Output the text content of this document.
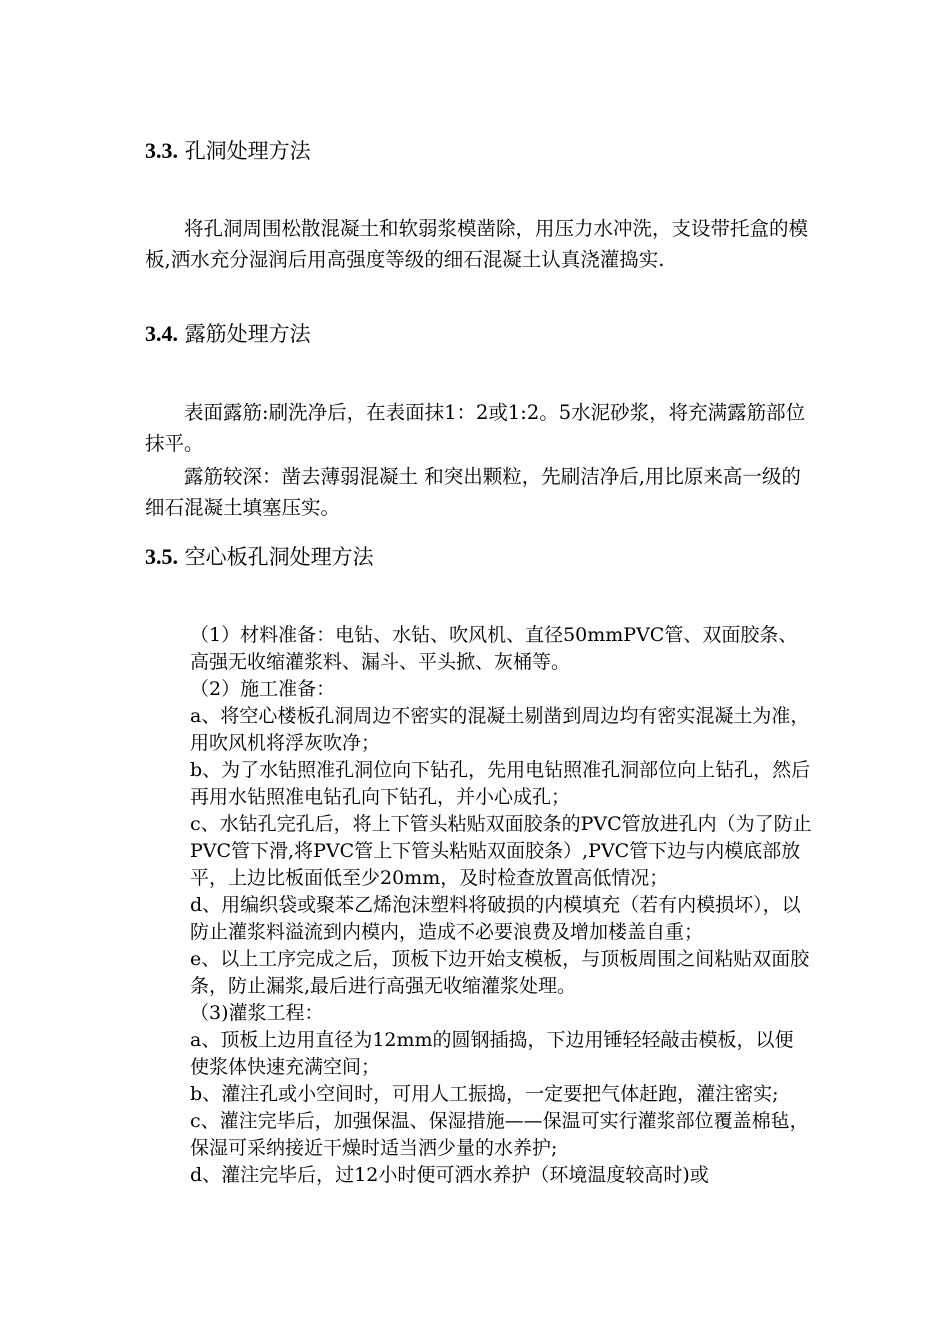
3.3. 孔洞处理方法

将孔洞周围松散混凝土和软弱浆模凿除，用压力水冲洗，支设带托盒的模板,洒水充分湿润后用高强度等级的细石混凝土认真浇灌捣实.

3.4. 露筋处理方法

表面露筋:刷洗净后，在表面抹1：2或1:2。5水泥砂浆，将充满露筋部位抹平。

露筋较深：凿去薄弱混凝土 和突出颗粒，先刷洁净后,用比原来高一级的细石混凝土填塞压实。

3.5. 空心板孔洞处理方法

（1）材料准备：电钻、水钻、吹风机、直径50mmPVC管、双面胶条、高强无收缩灌浆料、漏斗、平头掀、灰桶等。

（2）施工准备：

a、将空心楼板孔洞周边不密实的混凝土剔凿到周边均有密实混凝土为准，用吹风机将浮灰吹净；

b、为了水钻照准孔洞位向下钻孔，先用电钻照准孔洞部位向上钻孔，然后再用水钻照准电钻孔向下钻孔，并小心成孔；

c、水钻孔完孔后，将上下管头粘贴双面胶条的PVC管放进孔内（为了防止PVC管下滑,将PVC管上下管头粘贴双面胶条）,PVC管下边与内模底部放平，上边比板面低至少20mm，及时检查放置高低情况；

d、用编织袋或聚苯乙烯泡沫塑料将破损的内模填充（若有内模损坏），以防止灌浆料溢流到内模内，造成不必要浪费及增加楼盖自重；

e、以上工序完成之后，顶板下边开始支模板，与顶板周围之间粘贴双面胶条，防止漏浆,最后进行高强无收缩灌浆处理。

（3)灌浆工程：

a、顶板上边用直径为12mm的圆钢插捣，下边用锤轻轻敲击模板，以便使浆体快速充满空间；

b、灌注孔或小空间时，可用人工振捣，一定要把气体赶跑，灌注密实;

c、灌注完毕后，加强保温、保湿措施——保温可实行灌浆部位覆盖棉毡，保湿可采纳接近干燥时适当洒少量的水养护;

d、灌注完毕后，过12小时便可洒水养护（环境温度较高时)或
